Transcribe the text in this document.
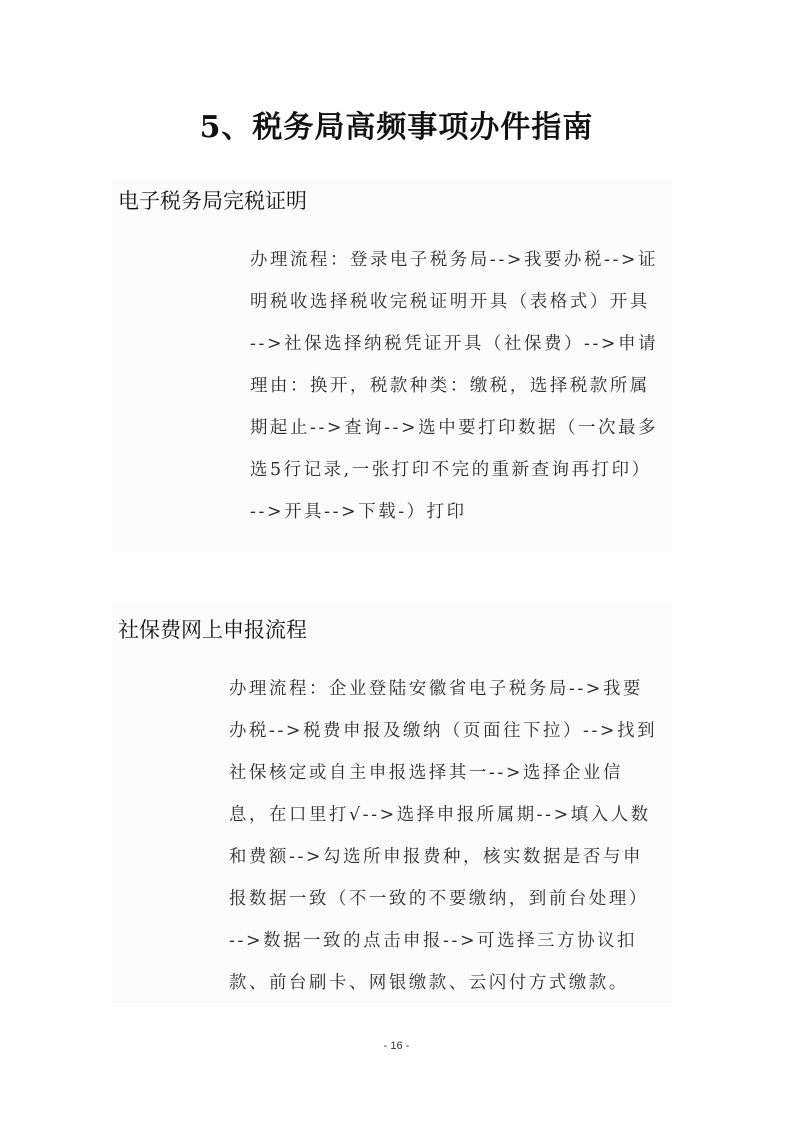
5、税务局高频事项办件指南
电子税务局完税证明
办理流程：登录电子税务局-->我要办税-->证
明税收选择税收完税证明开具（表格式）开具
-->社保选择纳税凭证开具（社保费）-->申请
理由：换开，税款种类：缴税，选择税款所属
期起止-->查询-->选中要打印数据（一次最多
选5行记录,一张打印不完的重新查询再打印）
-->开具-->下载-）打印
社保费网上申报流程
办理流程：企业登陆安徽省电子税务局-->我要
办税-->税费申报及缴纳（页面往下拉）-->找到
社保核定或自主申报选择其一-->选择企业信
息，在口里打√-->选择申报所属期-->填入人数
和费额-->勾选所申报费种，核实数据是否与申
报数据一致（不一致的不要缴纳，到前台处理）
-->数据一致的点击申报-->可选择三方协议扣
款、前台刷卡、网银缴款、云闪付方式缴款。
- 16 -
